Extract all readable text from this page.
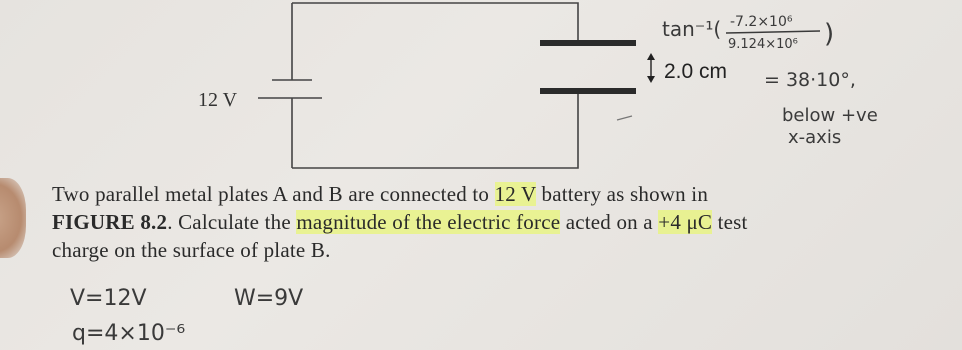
12 V
2.0 cm
tan⁻¹( -7.2×10⁶
9.124×10⁶ )
= 38·10°,
below +ve
x-axis
V=12V	W=9V
q=4×10⁻⁶
Two parallel metal plates A and B are connected to 12 V battery as shown in
FIGURE 8.2. Calculate the magnitude of the electric force acted on a +4 μC test
charge on the surface of plate B.
